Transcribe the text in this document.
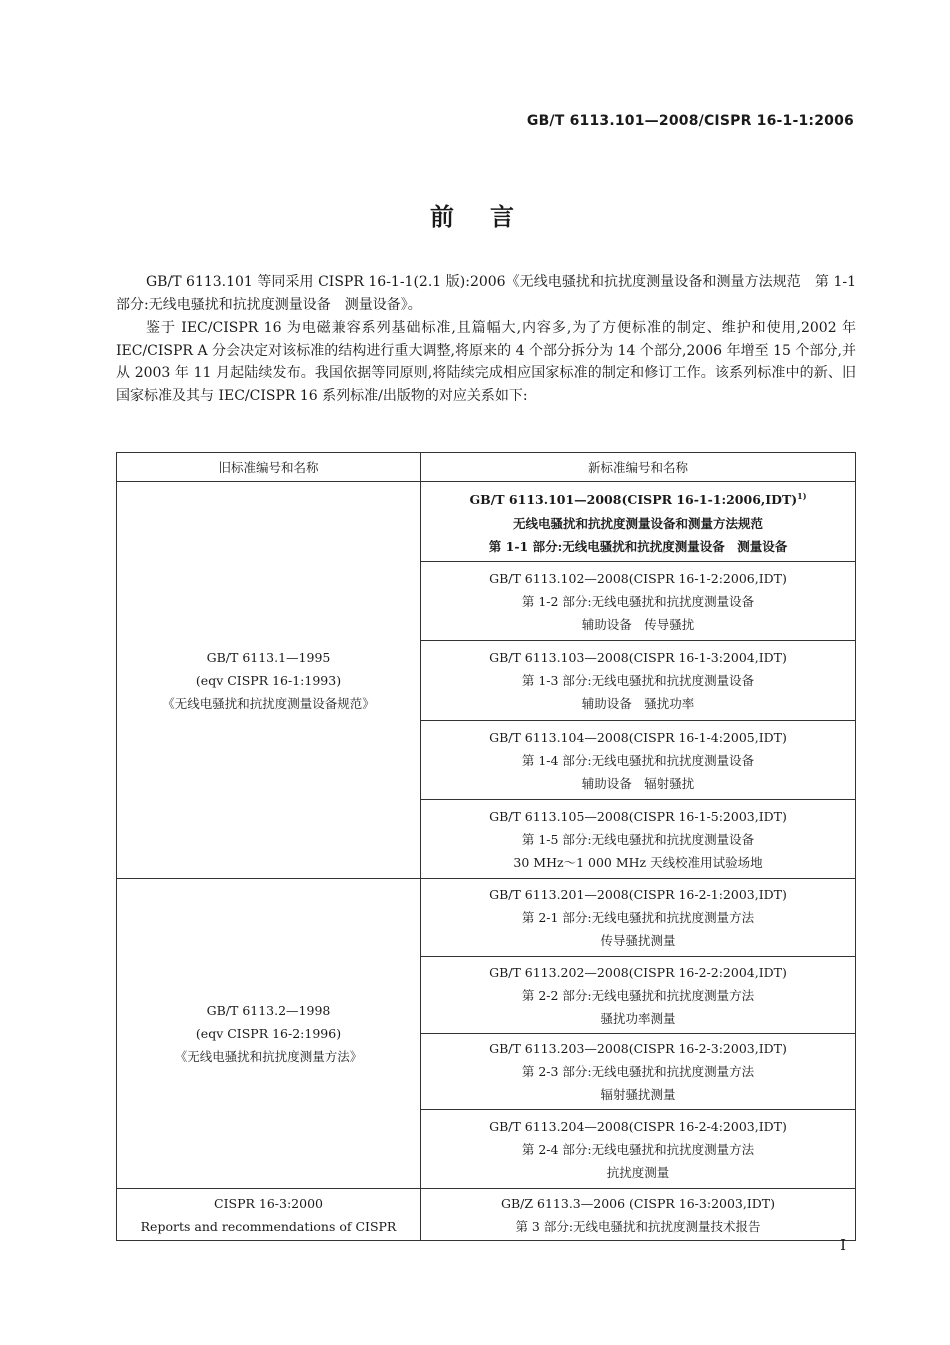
GB/T 6113.101—2008/CISPR 16-1-1:2006
前　言

GB/T 6113.101 等同采用 CISPR 16-1-1(2.1 版):2006《无线电骚扰和抗扰度测量设备和测量方法规范　第 1-1 部分:无线电骚扰和抗扰度测量设备　测量设备》。

鉴于 IEC/CISPR 16 为电磁兼容系列基础标准,且篇幅大,内容多,为了方便标准的制定、维护和使用,2002 年 IEC/CISPR A 分会决定对该标准的结构进行重大调整,将原来的 4 个部分拆分为 14 个部分,2006 年增至 15 个部分,并从 2003 年 11 月起陆续发布。我国依据等同原则,将陆续完成相应国家标准的制定和修订工作。该系列标准中的新、旧国家标准及其与 IEC/CISPR 16 系列标准/出版物的对应关系如下:

旧标准编号和名称	新标准编号和名称

GB/T 6113.1—1995
(eqv CISPR 16-1:1993)
《无线电骚扰和抗扰度测量设备规范》	GB/T 6113.101—2008(CISPR 16-1-1:2006,IDT)$^{1)}$
无线电骚扰和抗扰度测量设备和测量方法规范
第 1-1 部分:无线电骚扰和抗扰度测量设备　测量设备

	GB/T 6113.102—2008(CISPR 16-1-2:2006,IDT)
第 1-2 部分:无线电骚扰和抗扰度测量设备
辅助设备　传导骚扰

	GB/T 6113.103—2008(CISPR 16-1-3:2004,IDT)
第 1-3 部分:无线电骚扰和抗扰度测量设备
辅助设备　骚扰功率

	GB/T 6113.104—2008(CISPR 16-1-4:2005,IDT)
第 1-4 部分:无线电骚扰和抗扰度测量设备
辅助设备　辐射骚扰

	GB/T 6113.105—2008(CISPR 16-1-5:2003,IDT)
第 1-5 部分:无线电骚扰和抗扰度测量设备
30 MHz～1 000 MHz 天线校准用试验场地

GB/T 6113.2—1998
(eqv CISPR 16-2:1996)
《无线电骚扰和抗扰度测量方法》	GB/T 6113.201—2008(CISPR 16-2-1:2003,IDT)
第 2-1 部分:无线电骚扰和抗扰度测量方法
传导骚扰测量

	GB/T 6113.202—2008(CISPR 16-2-2:2004,IDT)
第 2-2 部分:无线电骚扰和抗扰度测量方法
骚扰功率测量

	GB/T 6113.203—2008(CISPR 16-2-3:2003,IDT)
第 2-3 部分:无线电骚扰和抗扰度测量方法
辐射骚扰测量

	GB/T 6113.204—2008(CISPR 16-2-4:2003,IDT)
第 2-4 部分:无线电骚扰和抗扰度测量方法
抗扰度测量

CISPR 16-3:2000
Reports and recommendations of CISPR	GB/Z 6113.3—2006 (CISPR 16-3:2003,IDT)
第 3 部分:无线电骚扰和抗扰度测量技术报告
I
